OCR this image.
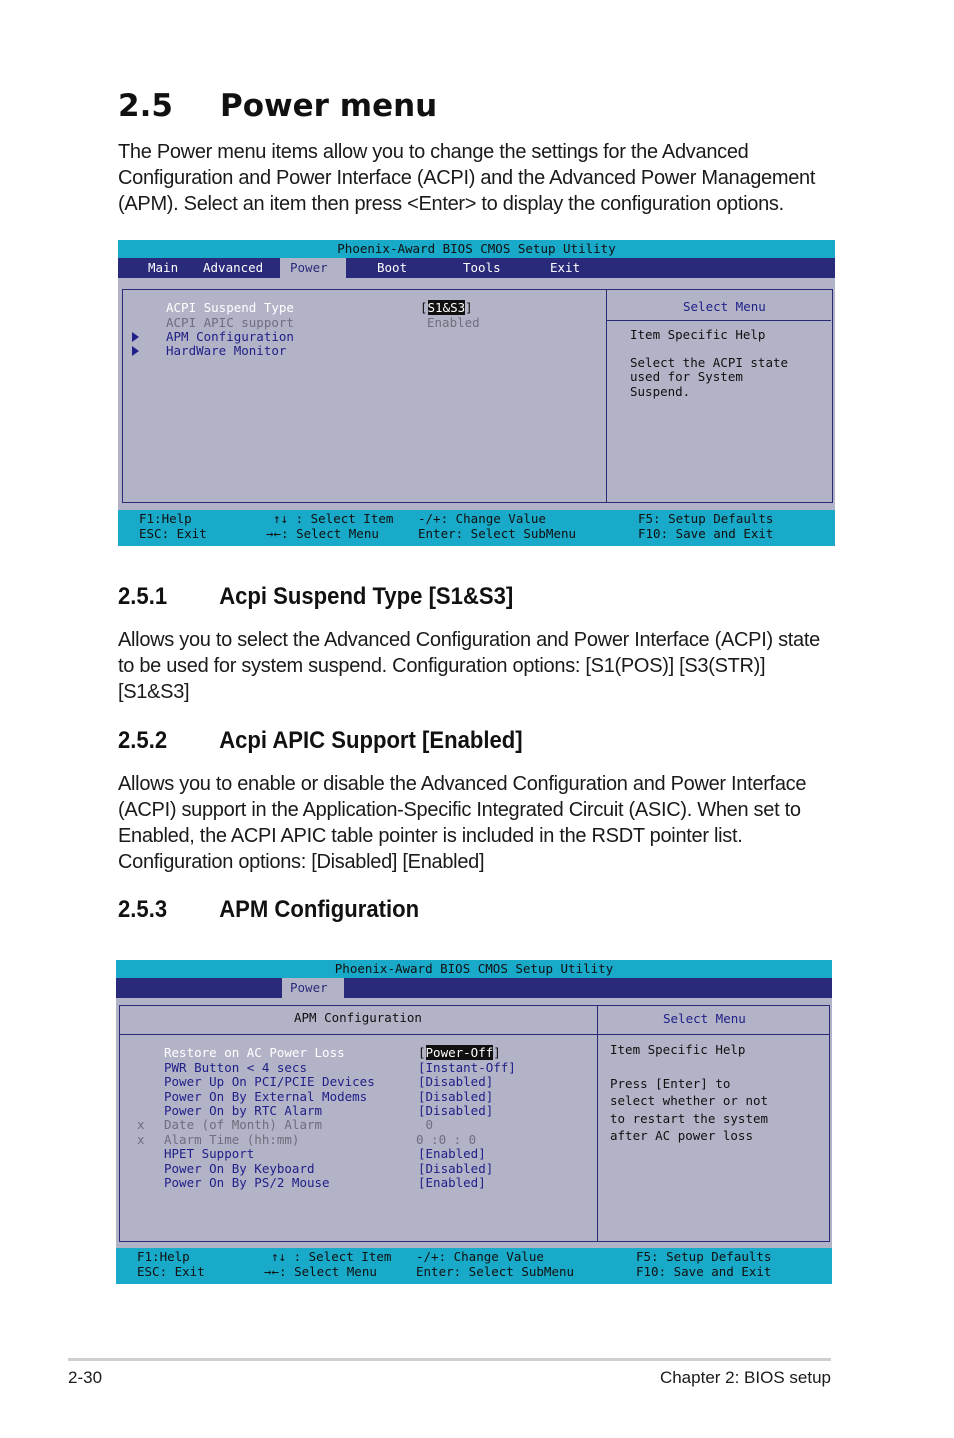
2.5 Power menu
The Power menu items allow you to change the settings for the Advanced Configuration and Power Interface (ACPI) and the Advanced Power Management (APM). Select an item then press <Enter> to display the configuration options.
Phoenix-Award BIOS CMOS Setup Utility
Main Advanced	Power	Boot	Tools	Exit
ACPI Suspend Type	[S1&S3]
ACPI APIC support	Enabled
APM Configuration
HardWare Monitor
Select Menu
Item Specific Help
Select the ACPI state
used for System
Suspend.
F1:Help	↑↓ : Select Item -/+: Change Value	F5: Setup Defaults
ESC: Exit	→←: Select Menu	Enter: Select SubMenu	F10: Save and Exit
2.5.1 Acpi Suspend Type [S1&S3]
Allows you to select the Advanced Configuration and Power Interface (ACPI) state to be used for system suspend. Configuration options: [S1(POS)] [S3(STR)] [S1&S3]
2.5.2 Acpi APIC Support [Enabled]
Allows you to enable or disable the Advanced Configuration and Power Interface (ACPI) support in the Application-Specific Integrated Circuit (ASIC). When set to Enabled, the ACPI APIC table pointer is included in the RSDT pointer list. Configuration options: [Disabled] [Enabled]
2.5.3 APM Configuration
Phoenix-Award BIOS CMOS Setup Utility
Power
APM Configuration	Select Menu
Restore on AC Power Loss	[Power-Off]
PWR Button < 4 secs	[Instant-Off]
Power Up On PCI/PCIE Devices	[Disabled]
Power On By External Modems	[Disabled]
Power On by RTC Alarm	[Disabled]
x Date (of Month) Alarm	0
x Alarm Time (hh:mm)	0 :0 : 0
HPET Support	[Enabled]
Power On By Keyboard	[Disabled]
Power On By PS/2 Mouse	[Enabled]
Item Specific Help
Press [Enter] to
select whether or not
to restart the system
after AC power loss
F1:Help	↑↓ : Select Item -/+: Change Value	F5: Setup Defaults
ESC: Exit	→←: Select Menu	Enter: Select SubMenu	F10: Save and Exit
2-30	Chapter 2: BIOS setup
